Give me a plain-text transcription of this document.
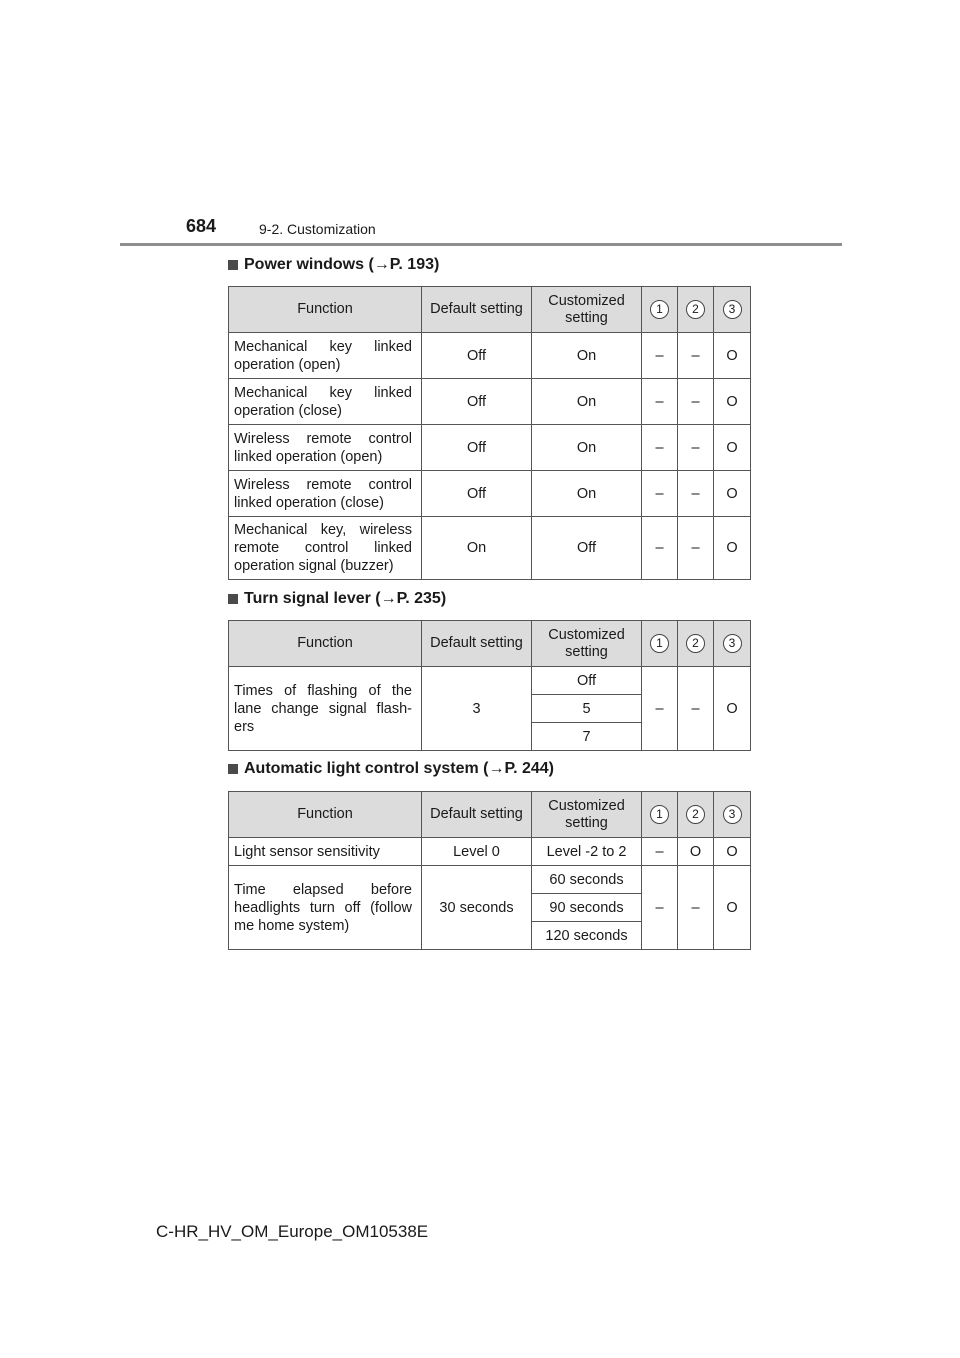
684	9-2. Customization
Power windows (→P. 193)
Function	Default setting	Customized setting	1	2	3
Mechanical key linked operation (open)	Off	On	–	–	O
Mechanical key linked operation (close)	Off	On	–	–	O
Wireless remote control linked operation (open)	Off	On	–	–	O
Wireless remote control linked operation (close)	Off	On	–	–	O
Mechanical key, wireless remote control linked operation signal (buzzer)	On	Off	–	–	O
Turn signal lever (→P. 235)
Function	Default setting	Customized setting	1	2	3
Times of flashing of the lane change signal flash-ers	3	Off	–	–	O
		5			
		7			
Automatic light control system (→P. 244)
Function	Default setting	Customized setting	1	2	3
Light sensor sensitivity	Level 0	Level -2 to 2	–	O	O
Time elapsed before headlights turn off (follow me home system)	30 seconds	60 seconds	–	–	O
		90 seconds			
		120 seconds			
C-HR_HV_OM_Europe_OM10538E
